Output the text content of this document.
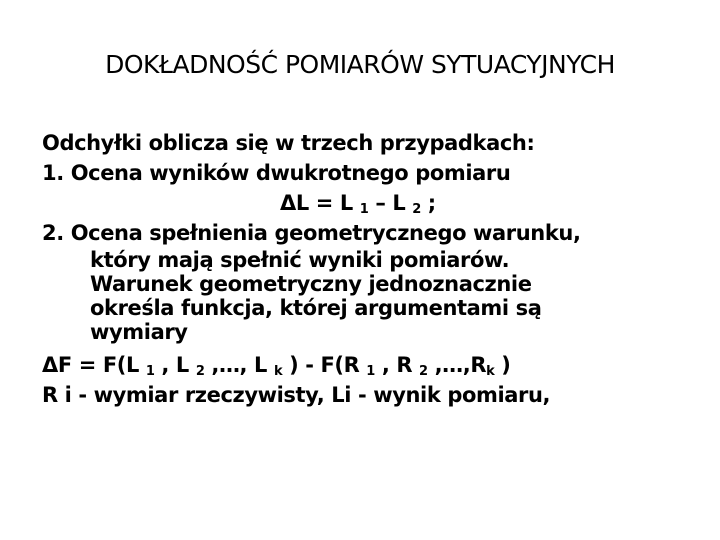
DOKŁADNOŚĆ POMIARÓW SYTUACYJNYCH
Odchyłki oblicza się w trzech przypadkach:
1. Ocena wyników dwukrotnego pomiaru
ΔL = L $_1$ – L $_2$ ;
2. Ocena spełnienia geometrycznego warunku,
który mają spełnić wyniki pomiarów.
Warunek geometryczny jednoznacznie
określa funkcja, której argumentami są
wymiary
ΔF = F(L $_1$ , L $_2$ ,…, L $_k$ ) - F(R $_1$ , R $_2$ $,\dots,R_k$ )
R i - wymiar rzeczywisty, Li - wynik pomiaru,
